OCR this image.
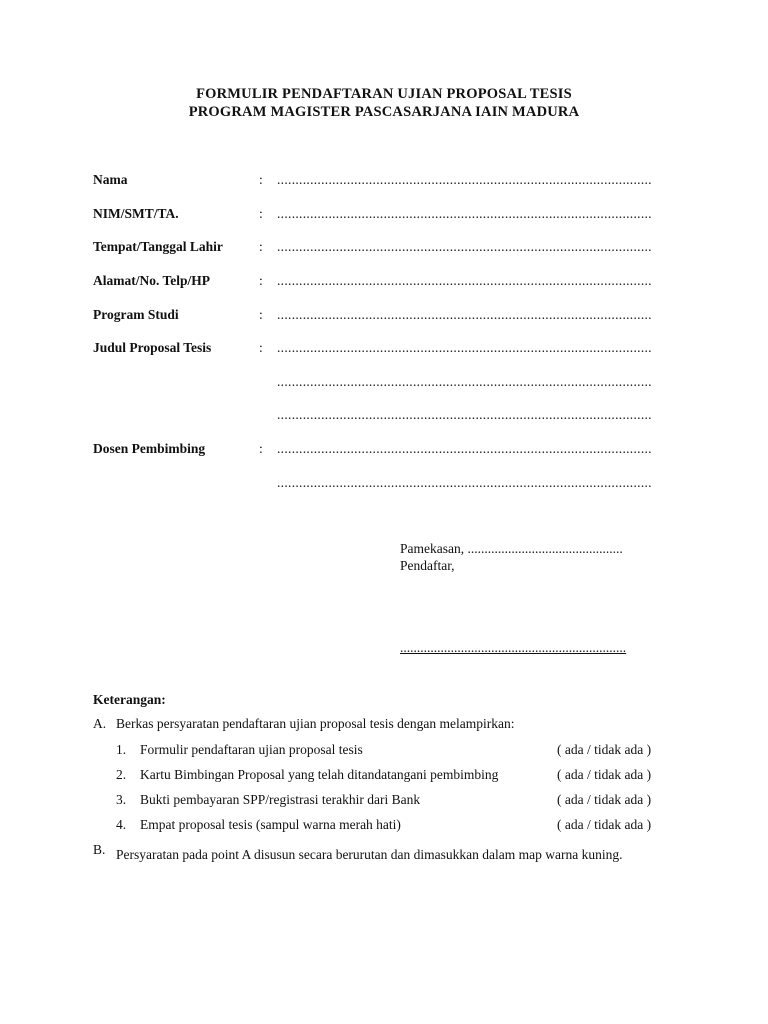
FORMULIR PENDAFTARAN UJIAN PROPOSAL TESIS
PROGRAM MAGISTER PASCASARJANA IAIN MADURA
Nama	: ......................................................................................................
NIM/SMT/TA.	: ......................................................................................................
Tempat/Tanggal Lahir	: ......................................................................................................
Alamat/No. Telp/HP	: ......................................................................................................
Program Studi	: ......................................................................................................
Judul Proposal Tesis	: ......................................................................................................
......................................................................................................
......................................................................................................
Dosen Pembimbing	: ......................................................................................................
......................................................................................................
Pamekasan, ..............................................
Pendaftar,
...................................................................
Keterangan:
A. Berkas persyaratan pendaftaran ujian proposal tesis dengan melampirkan:
1. Formulir pendaftaran ujian proposal tesis	( ada / tidak ada )
2. Kartu Bimbingan Proposal yang telah ditandatangani pembimbing	( ada / tidak ada )
3. Bukti pembayaran SPP/registrasi terakhir dari Bank	( ada / tidak ada )
4. Empat proposal tesis (sampul warna merah hati)	( ada / tidak ada )
B. Persyaratan pada point A disusun secara berurutan dan dimasukkan dalam map warna kuning.
